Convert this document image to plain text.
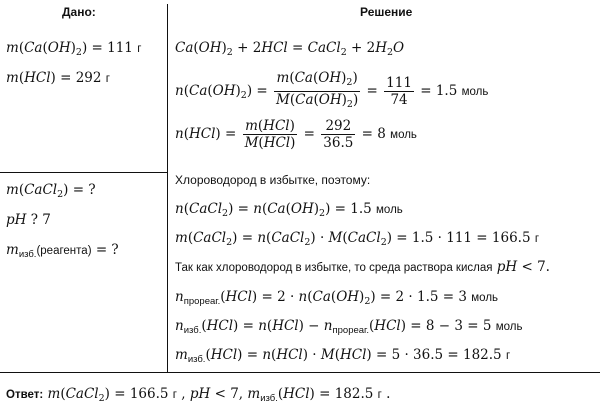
Дано:	Решение
$m(Ca(OH)_2) = 111$ г
m(HCl) = 292 г
m(CaCl$_2$) = ?
pH ? 7
$m_{изб.}(реагента)$ = ?
$Ca(OH)_2 + 2HCl$ = CaCl$_2$ + $2H_2O$
$n(Ca(OH)_2) = \frac{m(Ca(OH)_2)}{M(Ca(OH)_2)} = \frac{111}{74} = 1.5$ моль
$n(HCl) = \frac{\text{m(HCl)}}{\text{M(HCl)}} = \frac{292}{36.5} = 8$ моль
Хлороводород в избытке, поэтому:
n(CaCl$_2$) = $n(Ca(OH)_2) = 1.5$ моль
m(CaCl$_2$) = n(CaCl$_2$) · M(CaCl$_2$) = 1.5 · 111 = 166.5 г
Так как хлороводород в избытке, то среда раствора кислая pH < 7.
$n_{прореаг.}(HCl) = 2 \cdot n(Ca(OH)_2) = 2 \cdot 1.5 = 3$ моль
$n_{изб.}(HCl) = n(HCl) - n_{прореаг.}(HCl) = 8 - 3 = 5$ моль
$m_{изб.}(HCl) = n(HCl) \cdot M(HCl) = 5 \cdot 36.5 = 182.5$ г
Ответ: m(CaCl$_2$) = 166.5 г , pH < 7, $m_{изб.}(HCl) = 182.5$ г .
